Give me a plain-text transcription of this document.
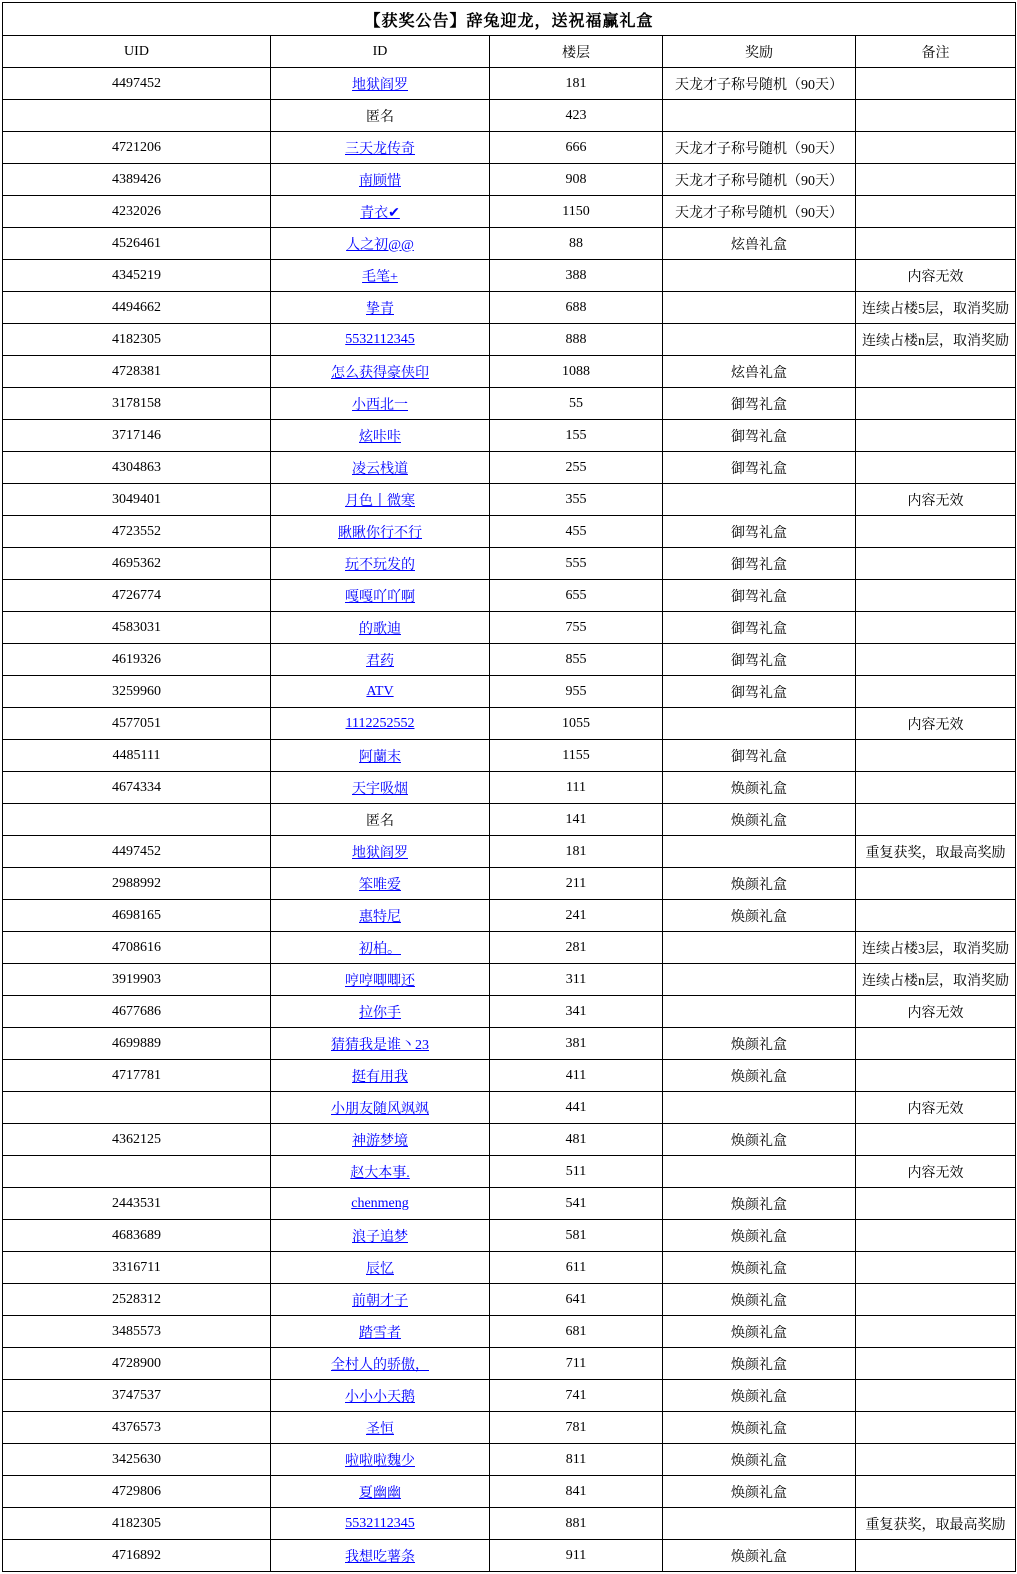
【获奖公告】辞兔迎龙，送祝福赢礼盒				
UID	ID	楼层	奖励	备注
4497452	地狱阎罗	181	天龙才子称号随机（90天）	
	匿名	423		
4721206	三天龙传奇	666	天龙才子称号随机（90天）	
4389426	南顾惜	908	天龙才子称号随机（90天）	
4232026	青衣✔	1150	天龙才子称号随机（90天）	
4526461	人之初@@	88	炫兽礼盒	
4345219	毛笔+	388		内容无效
4494662	挚青	688		连续占楼5层，取消奖励
4182305	5532112345	888		连续占楼n层，取消奖励
4728381	怎么获得豪侠印	1088	炫兽礼盒	
3178158	小西北一	55	御驾礼盒	
3717146	炫咔咔	155	御驾礼盒	
4304863	凌云栈道	255	御驾礼盒	
3049401	月色丨微寒	355		内容无效
4723552	瞅瞅你行不行	455	御驾礼盒	
4695362	玩不玩发的	555	御驾礼盒	
4726774	嘎嘎吖吖啊	655	御驾礼盒	
4583031	的歌迪	755	御驾礼盒	
4619326	君药	855	御驾礼盒	
3259960	ATV	955	御驾礼盒	
4577051	1112252552	1055		内容无效
4485111	阿蘭末	1155	御驾礼盒	
4674334	天宇吸烟	111	焕颜礼盒	
	匿名	141	焕颜礼盒	
4497452	地狱阎罗	181		重复获奖，取最高奖励
2988992	笨唯爱	211	焕颜礼盒	
4698165	惠特尼	241	焕颜礼盒	
4708616	初柏。	281		连续占楼3层，取消奖励
3919903	哼哼唧唧还	311		连续占楼n层，取消奖励
4677686	拉你手	341		内容无效
4699889	猜猜我是谁丶23	381	焕颜礼盒	
4717781	挺有用我	411	焕颜礼盒	
	小朋友随风飒飒	441		内容无效
4362125	神游梦境	481	焕颜礼盒	
	赵大本事.	511		内容无效
2443531	chenmeng	541	焕颜礼盒	
4683689	浪子追梦	581	焕颜礼盒	
3316711	辰忆	611	焕颜礼盒	
2528312	前朝才子	641	焕颜礼盒	
3485573	踏雪者	681	焕颜礼盒	
4728900	全村人的骄傲，	711	焕颜礼盒	
3747537	小小小天鹅	741	焕颜礼盒	
4376573	圣恒	781	焕颜礼盒	
3425630	啦啦啦魏少	811	焕颜礼盒	
4729806	夏幽幽	841	焕颜礼盒	
4182305	5532112345	881		重复获奖，取最高奖励
4716892	我想吃薯条	911	焕颜礼盒	
